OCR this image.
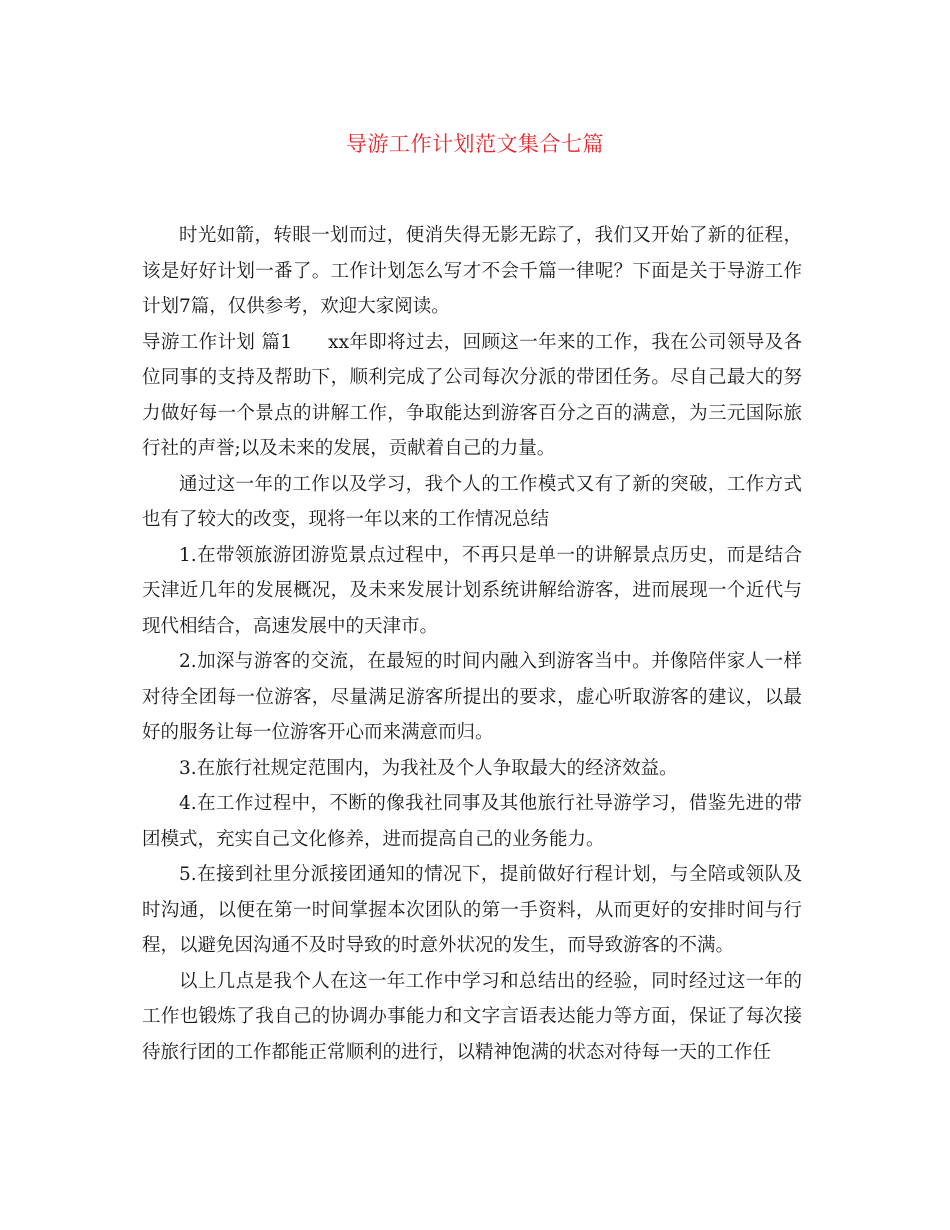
导游工作计划范文集合七篇

时光如箭，转眼一划而过，便消失得无影无踪了，我们又开始了新的征程，该是好好计划一番了。工作计划怎么写才不会千篇一律呢？下面是关于导游工作计划7篇，仅供参考，欢迎大家阅读。

导游工作计划 篇1 xx年即将过去，回顾这一年来的工作，我在公司领导及各位同事的支持及帮助下，顺利完成了公司每次分派的带团任务。尽自己最大的努力做好每一个景点的讲解工作，争取能达到游客百分之百的满意，为三元国际旅行社的声誉;以及未来的发展，贡献着自己的力量。

通过这一年的工作以及学习，我个人的工作模式又有了新的突破，工作方式也有了较大的改变，现将一年以来的工作情况总结

1.在带领旅游团游览景点过程中，不再只是单一的讲解景点历史，而是结合天津近几年的发展概况，及未来发展计划系统讲解给游客，进而展现一个近代与现代相结合，高速发展中的天津市。

2.加深与游客的交流，在最短的时间内融入到游客当中。并像陪伴家人一样对待全团每一位游客，尽量满足游客所提出的要求，虚心听取游客的建议，以最好的服务让每一位游客开心而来满意而归。

3.在旅行社规定范围内，为我社及个人争取最大的经济效益。

4.在工作过程中，不断的像我社同事及其他旅行社导游学习，借鉴先进的带团模式，充实自己文化修养，进而提高自己的业务能力。

5.在接到社里分派接团通知的情况下，提前做好行程计划，与全陪或领队及时沟通，以便在第一时间掌握本次团队的第一手资料，从而更好的安排时间与行程，以避免因沟通不及时导致的时意外状况的发生，而导致游客的不满。

以上几点是我个人在这一年工作中学习和总结出的经验，同时经过这一年的工作也锻炼了我自己的协调办事能力和文字言语表达能力等方面，保证了每次接待旅行团的工作都能正常顺利的进行，以精神饱满的状态对待每一天的工作任
